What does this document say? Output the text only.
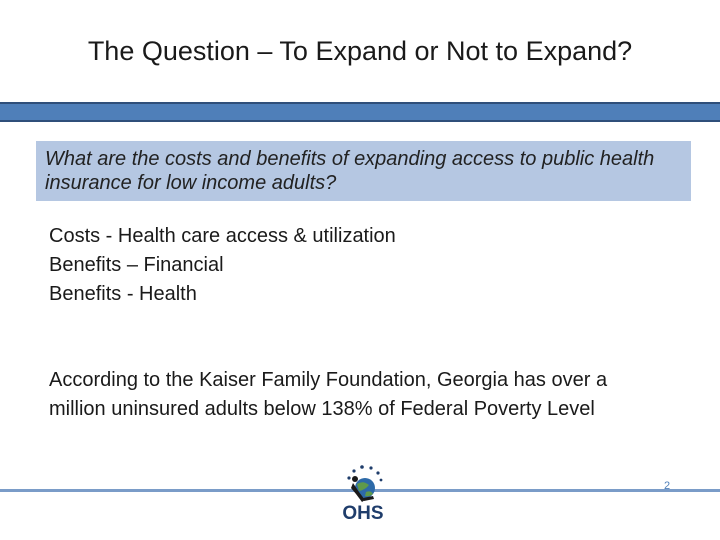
The Question – To Expand or Not to Expand?
What are the costs and benefits of expanding access to public health insurance for low income adults?
Costs - Health care access & utilization
Benefits – Financial
Benefits - Health
According to the Kaiser Family Foundation, Georgia has over a
million uninsured adults below 138% of Federal Poverty Level
OHS
2
